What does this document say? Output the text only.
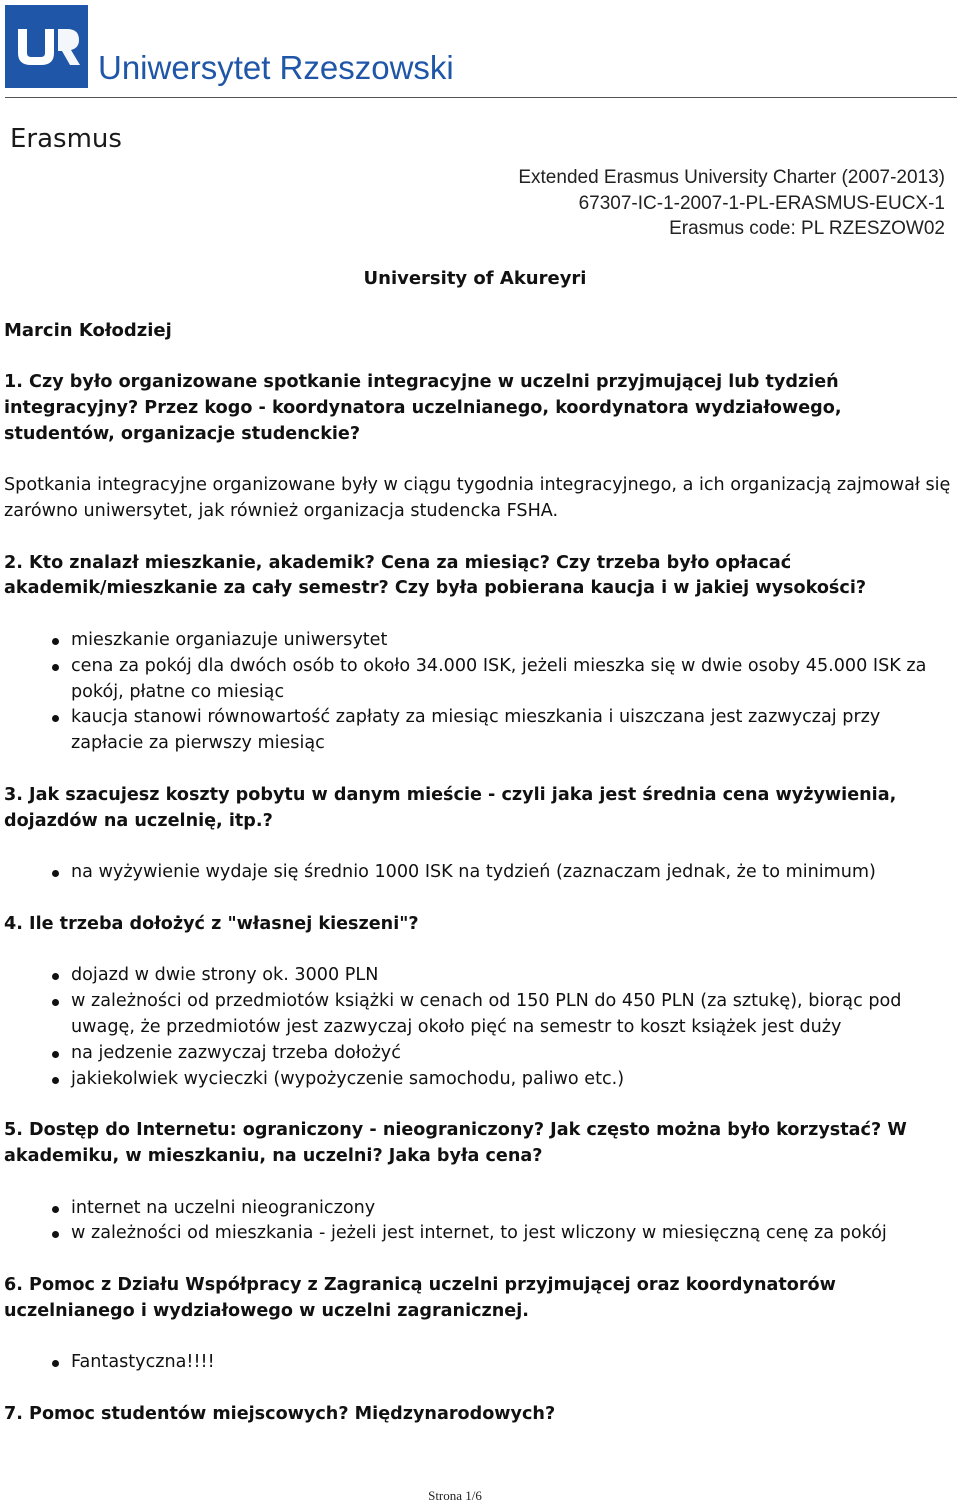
Uniwersytet Rzeszowski
Erasmus
Extended Erasmus University Charter (2007-2013)
67307-IC-1-2007-1-PL-ERASMUS-EUCX-1
Erasmus code: PL RZESZOW02
University of Akureyri
Marcin Kołodziej
1. Czy było organizowane spotkanie integracyjne w uczelni przyjmującej lub tydzień integracyjny? Przez kogo - koordynatora uczelnianego, koordynatora wydziałowego, studentów, organizacje studenckie?
Spotkania integracyjne organizowane były w ciągu tygodnia integracyjnego, a ich organizacją zajmował się zarówno uniwersytet, jak również organizacja studencka FSHA.
2. Kto znalazł mieszkanie, akademik? Cena za miesiąc? Czy trzeba było opłacać akademik/mieszkanie za cały semestr? Czy była pobierana kaucja i w jakiej wysokości?
mieszkanie organiazuje uniwersytet
cena za pokój dla dwóch osób to około 34.000 ISK, jeżeli mieszka się w dwie osoby 45.000 ISK za pokój, płatne co miesiąc
kaucja stanowi równowartość zapłaty za miesiąc mieszkania i uiszczana jest zazwyczaj przy zapłacie za pierwszy miesiąc
3. Jak szacujesz koszty pobytu w danym mieście - czyli jaka jest średnia cena wyżywienia, dojazdów na uczelnię, itp.?
na wyżywienie wydaje się średnio 1000 ISK na tydzień (zaznaczam jednak, że to minimum)
4. Ile trzeba dołożyć z "własnej kieszeni"?
dojazd w dwie strony ok. 3000 PLN
w zależności od przedmiotów książki w cenach od 150 PLN do 450 PLN (za sztukę), biorąc pod uwagę, że przedmiotów jest zazwyczaj około pięć na semestr to koszt książek jest duży
na jedzenie zazwyczaj trzeba dołożyć
jakiekolwiek wycieczki (wypożyczenie samochodu, paliwo etc.)
5. Dostęp do Internetu: ograniczony - nieograniczony? Jak często można było korzystać? W akademiku, w mieszkaniu, na uczelni? Jaka była cena?
internet na uczelni nieograniczony
w zależności od mieszkania - jeżeli jest internet, to jest wliczony w miesięczną cenę za pokój
6. Pomoc z Działu Współpracy z Zagranicą uczelni przyjmującej oraz koordynatorów uczelnianego i wydziałowego w uczelni zagranicznej.
Fantastyczna!!!!
7. Pomoc studentów miejscowych? Międzynarodowych?
Strona 1/6
